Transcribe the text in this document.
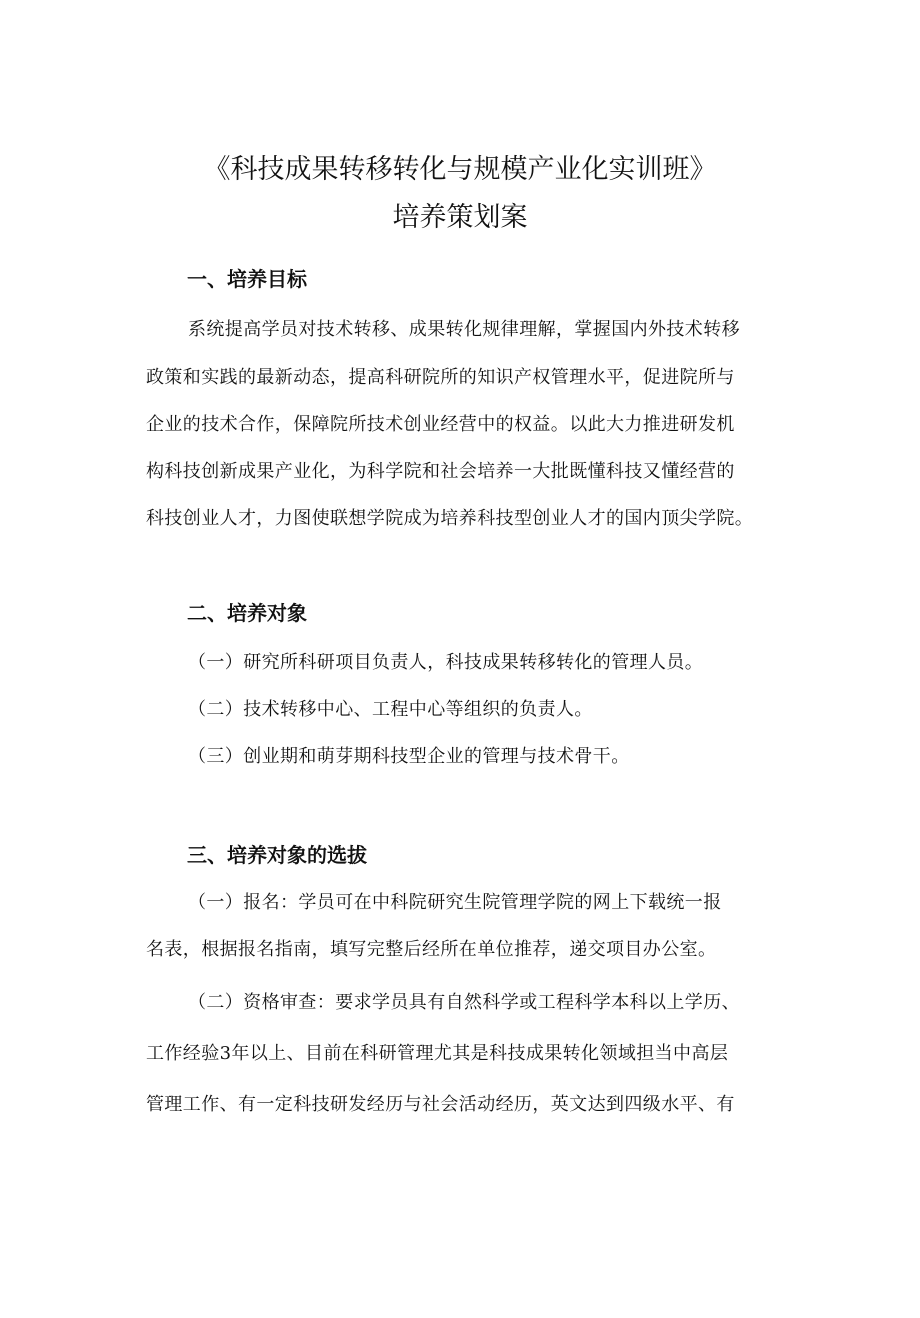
《科技成果转移转化与规模产业化实训班》
培养策划案
一、培养目标

系统提高学员对技术转移、成果转化规律理解，掌握国内外技术转移

政策和实践的最新动态，提高科研院所的知识产权管理水平，促进院所与

企业的技术合作，保障院所技术创业经营中的权益。以此大力推进研发机

构科技创新成果产业化，为科学院和社会培养一大批既懂科技又懂经营的

科技创业人才，力图使联想学院成为培养科技型创业人才的国内顶尖学院。

二、培养对象

（一）研究所科研项目负责人，科技成果转移转化的管理人员。

（二）技术转移中心、工程中心等组织的负责人。

（三）创业期和萌芽期科技型企业的管理与技术骨干。

三、培养对象的选拔

（一）报名：学员可在中科院研究生院管理学院的网上下载统一报

名表，根据报名指南，填写完整后经所在单位推荐，递交项目办公室。

（二）资格审查：要求学员具有自然科学或工程科学本科以上学历、

工作经验3年以上、目前在科研管理尤其是科技成果转化领域担当中高层

管理工作、有一定科技研发经历与社会活动经历，英文达到四级水平、有
